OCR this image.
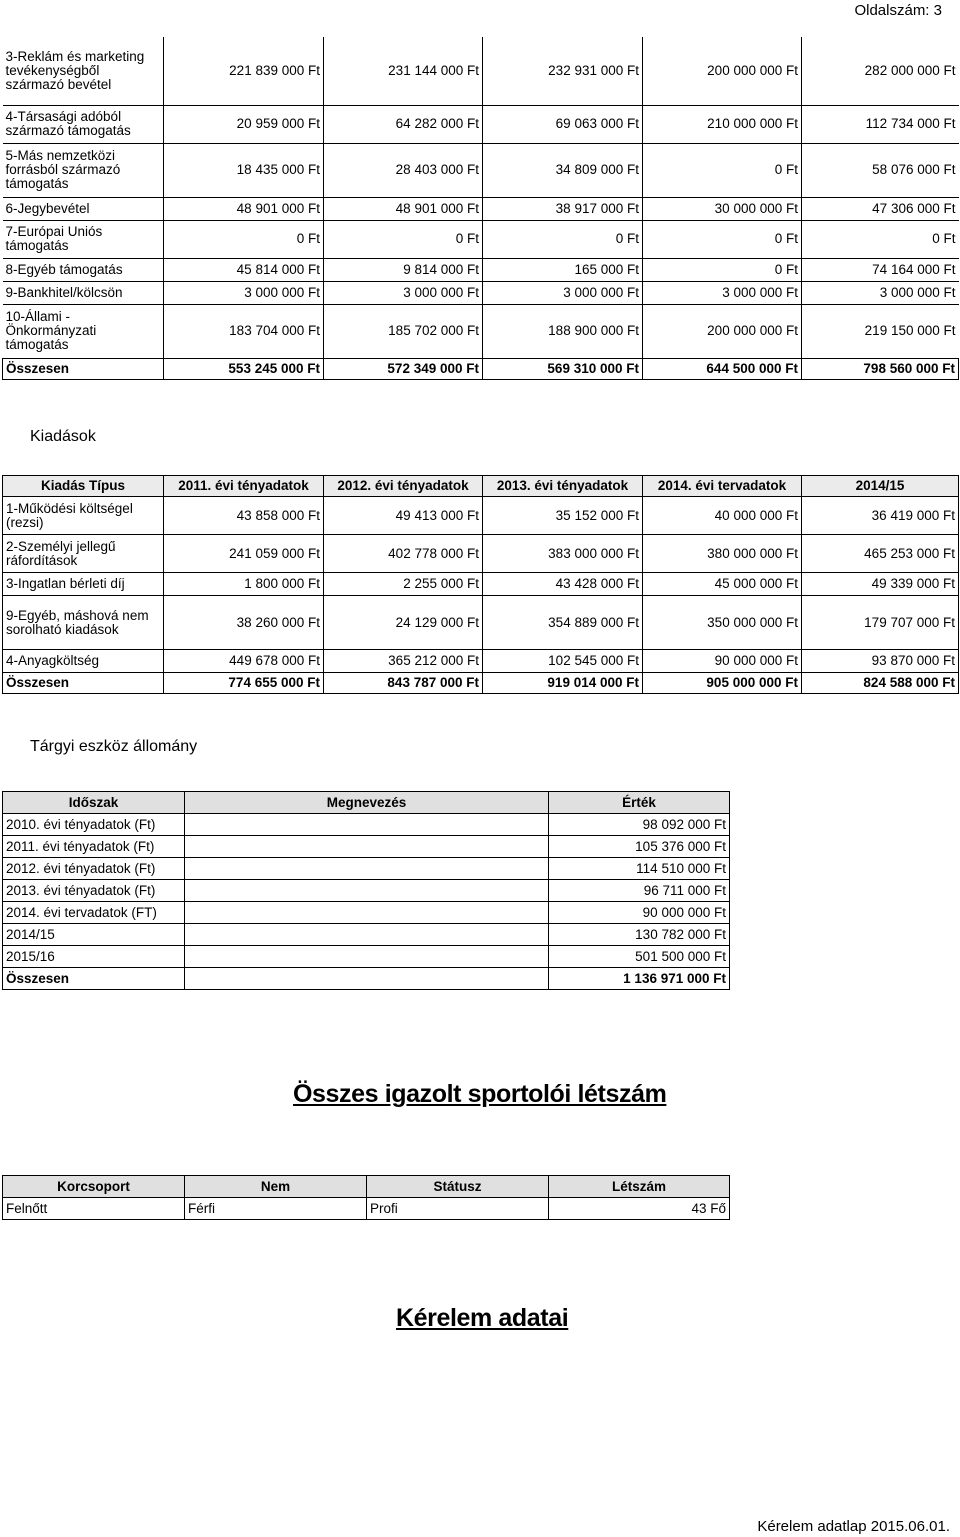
Oldalszám: 3
3-Reklám és marketing tevékenységből származó bevétel	221 839 000 Ft	231 144 000 Ft	232 931 000 Ft	200 000 000 Ft	282 000 000 Ft
4-Társasági adóból származó támogatás	20 959 000 Ft	64 282 000 Ft	69 063 000 Ft	210 000 000 Ft	112 734 000 Ft
5-Más nemzetközi forrásból származó támogatás	18 435 000 Ft	28 403 000 Ft	34 809 000 Ft	0 Ft	58 076 000 Ft
6-Jegybevétel	48 901 000 Ft	48 901 000 Ft	38 917 000 Ft	30 000 000 Ft	47 306 000 Ft
7-Európai Uniós támogatás	0 Ft	0 Ft	0 Ft	0 Ft	0 Ft
8-Egyéb támogatás	45 814 000 Ft	9 814 000 Ft	165 000 Ft	0 Ft	74 164 000 Ft
9-Bankhitel/kölcsön	3 000 000 Ft	3 000 000 Ft	3 000 000 Ft	3 000 000 Ft	3 000 000 Ft
10-Állami - Önkormányzati támogatás	183 704 000 Ft	185 702 000 Ft	188 900 000 Ft	200 000 000 Ft	219 150 000 Ft
Összesen	553 245 000 Ft	572 349 000 Ft	569 310 000 Ft	644 500 000 Ft	798 560 000 Ft
Kiadások
Kiadás Típus	2011. évi tényadatok	2012. évi tényadatok	2013. évi tényadatok	2014. évi tervadatok	2014/15
1-Működési költségel (rezsi)	43 858 000 Ft	49 413 000 Ft	35 152 000 Ft	40 000 000 Ft	36 419 000 Ft
2-Személyi jellegű ráfordítások	241 059 000 Ft	402 778 000 Ft	383 000 000 Ft	380 000 000 Ft	465 253 000 Ft
3-Ingatlan bérleti díj	1 800 000 Ft	2 255 000 Ft	43 428 000 Ft	45 000 000 Ft	49 339 000 Ft
9-Egyéb, máshová nem sorolható kiadások	38 260 000 Ft	24 129 000 Ft	354 889 000 Ft	350 000 000 Ft	179 707 000 Ft
4-Anyagköltség	449 678 000 Ft	365 212 000 Ft	102 545 000 Ft	90 000 000 Ft	93 870 000 Ft
Összesen	774 655 000 Ft	843 787 000 Ft	919 014 000 Ft	905 000 000 Ft	824 588 000 Ft
Tárgyi eszköz állomány
Időszak	Megnevezés	Érték
2010. évi tényadatok (Ft)		98 092 000 Ft
2011. évi tényadatok (Ft)		105 376 000 Ft
2012. évi tényadatok (Ft)		114 510 000 Ft
2013. évi tényadatok (Ft)		96 711 000 Ft
2014. évi tervadatok (FT)		90 000 000 Ft
2014/15		130 782 000 Ft
2015/16		501 500 000 Ft
Összesen		1 136 971 000 Ft
Összes igazolt sportolói létszám
Korcsoport	Nem	Státusz	Létszám
Felnőtt	Férfi	Profi	43 Fő
Kérelem adatai
Kérelem adatlap 2015.06.01.
